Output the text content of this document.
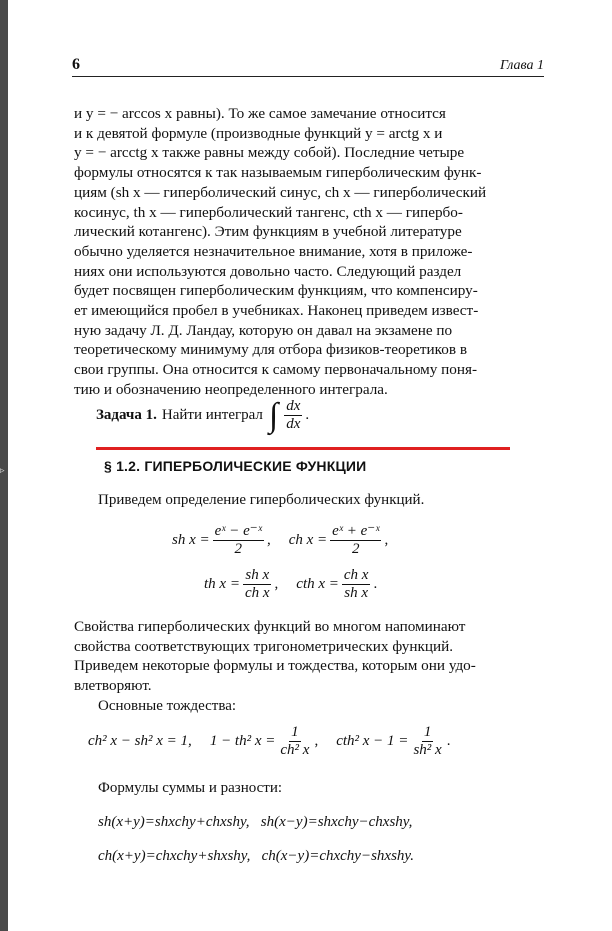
▹
6	Глава 1
и y = − arccos x равны). То же самое замечание относится
и к девятой формуле (производные функций y = arctg x и
y = − arcctg x также равны между собой). Последние четыре
формулы относятся к так называемым гиперболическим функ-
циям (sh x — гиперболический синус, ch x — гиперболический
косинус, th x — гиперболический тангенс, cth x — гипербо-
лический котангенс). Этим функциям в учебной литературе
обычно уделяется незначительное внимание, хотя в приложе-
ниях они используются довольно часто. Следующий раздел
будет посвящен гиперболическим функциям, что компенсиру-
ет имеющийся пробел в учебниках. Наконец приведем извест-
ную задачу Л. Д. Ландау, которую он давал на экзамене по
теоретическому минимуму для отбора физиков-теоретиков в
свои группы. Она относится к самому первоначальному поня-
тию и обозначению неопределенного интеграла.
Задача 1. Найти интеграл ∫ $\frac{dx}{dx}$ .
§ 1.2. ГИПЕРБОЛИЧЕСКИЕ ФУНКЦИИ
Приведем определение гиперболических функций.
sh $x = \frac{\text{eˣ − e⁻ˣ}}{2}$ , ch $x = \frac{\text{eˣ + e⁻ˣ}}{2}$ ,
th $x = \frac{\text{sh x}}{\text{ch x}}$ , cth $x = \frac{\text{ch x}}{\text{sh x}}$ .
Свойства гиперболических функций во многом напоминают
свойства соответствующих тригонометрических функций.
Приведем некоторые формулы и тождества, которым они удо-
влетворяют.
Основные тождества:
ch² x − sh² x = 1, 1 − th² $x = \frac{1}{\text{ch² x}}$ , cth² $x - 1 = \frac{1}{\text{sh² x}}$ .
Формулы суммы и разности:
sh(x+y)=shxchy+chxshy,   sh(x−y)=shxchy−chxshy,
ch(x+y)=chxchy+shxshy,   ch(x−y)=chxchy−shxshy.
